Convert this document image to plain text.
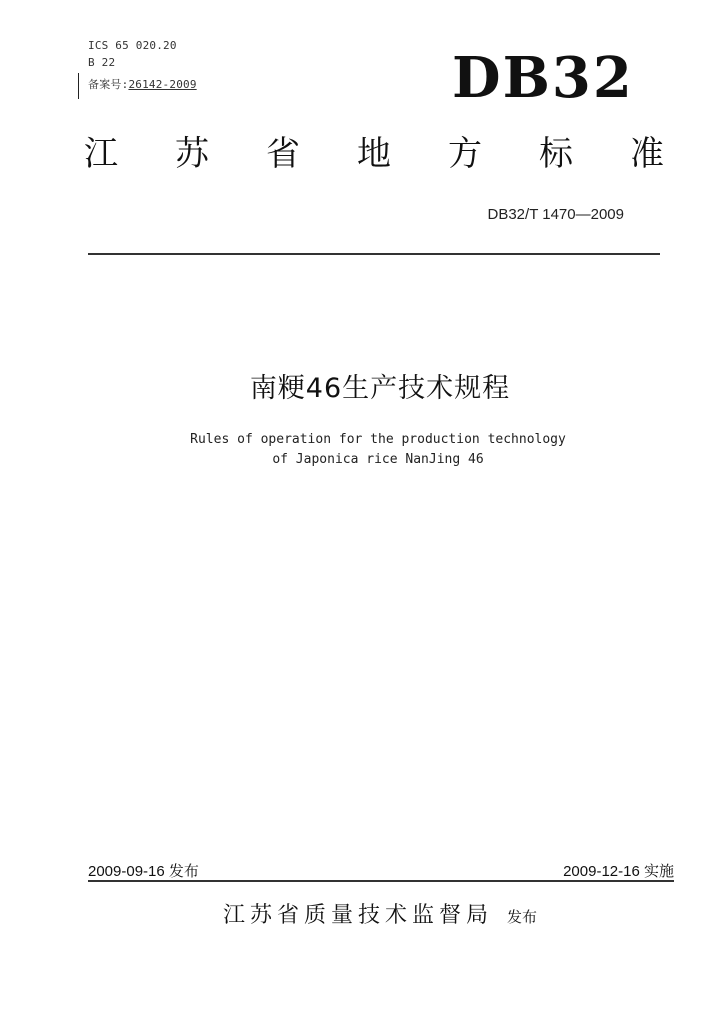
ICS 65 020.20
B 22
备案号:26142-2009	DB32
江 苏 省 地 方 标 准
DB32/T 1470—2009
南粳46生产技术规程
Rules of operation for the production technology
of Japonica rice NanJing 46
2009-09-16 发布	2009-12-16 实施
江苏省质量技术监督局 发布
